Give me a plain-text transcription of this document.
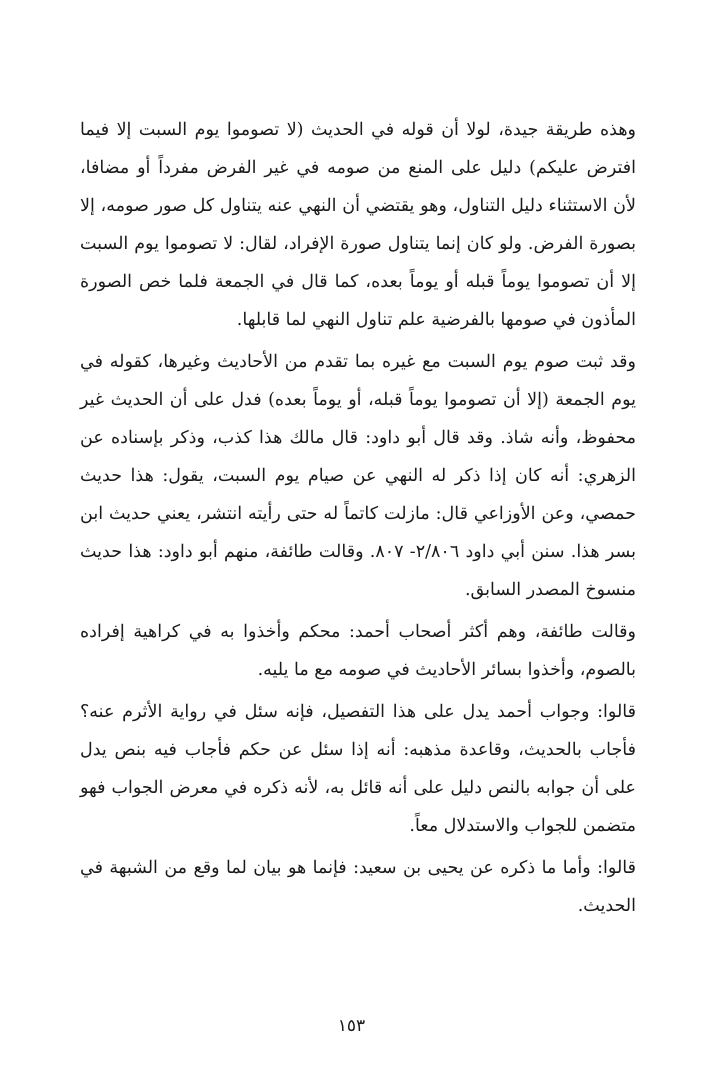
وهذه طريقة جيدة، لولا أن قوله في الحديث (لا تصوموا يوم السبت إلا فيما افترض عليكم) دليل على المنع من صومه في غير الفرض مفرداً أو مضافا، لأن الاستثناء دليل التناول، وهو يقتضي أن النهي عنه يتناول كل صور صومه، إلا بصورة الفرض. ولو كان إنما يتناول صورة الإفراد، لقال: لا تصوموا يوم السبت إلا أن تصوموا يوماً قبله أو يوماً بعده، كما قال في الجمعة فلما خص الصورة المأذون في صومها بالفرضية علم تناول النهي لما قابلها.

وقد ثبت صوم يوم السبت مع غيره بما تقدم من الأحاديث وغيرها، كقوله في يوم الجمعة (إلا أن تصوموا يوماً قبله، أو يوماً بعده) فدل على أن الحديث غير محفوظ، وأنه شاذ. وقد قال أبو داود: قال مالك هذا كذب، وذكر بإسناده عن الزهري: أنه كان إذا ذكر له النهي عن صيام يوم السبت، يقول: هذا حديث حمصي، وعن الأوزاعي قال: مازلت كاتماً له حتى رأيته انتشر، يعني حديث ابن بسر هذا. سنن أبي داود ٢/٨٠٦- ٨٠٧. وقالت طائفة، منهم أبو داود: هذا حديث منسوخ المصدر السابق.

وقالت طائفة، وهم أكثر أصحاب أحمد: محكم وأخذوا به في كراهية إفراده بالصوم، وأخذوا بسائر الأحاديث في صومه مع ما يليه.

قالوا: وجواب أحمد يدل على هذا التفصيل، فإنه سئل في رواية الأثرم عنه؟ فأجاب بالحديث، وقاعدة مذهبه: أنه إذا سئل عن حكم فأجاب فيه بنص يدل على أن جوابه بالنص دليل على أنه قائل به، لأنه ذكره في معرض الجواب فهو متضمن للجواب والاستدلال معاً.

قالوا: وأما ما ذكره عن يحيى بن سعيد: فإنما هو بيان لما وقع من الشبهة في الحديث.

١٥٣
